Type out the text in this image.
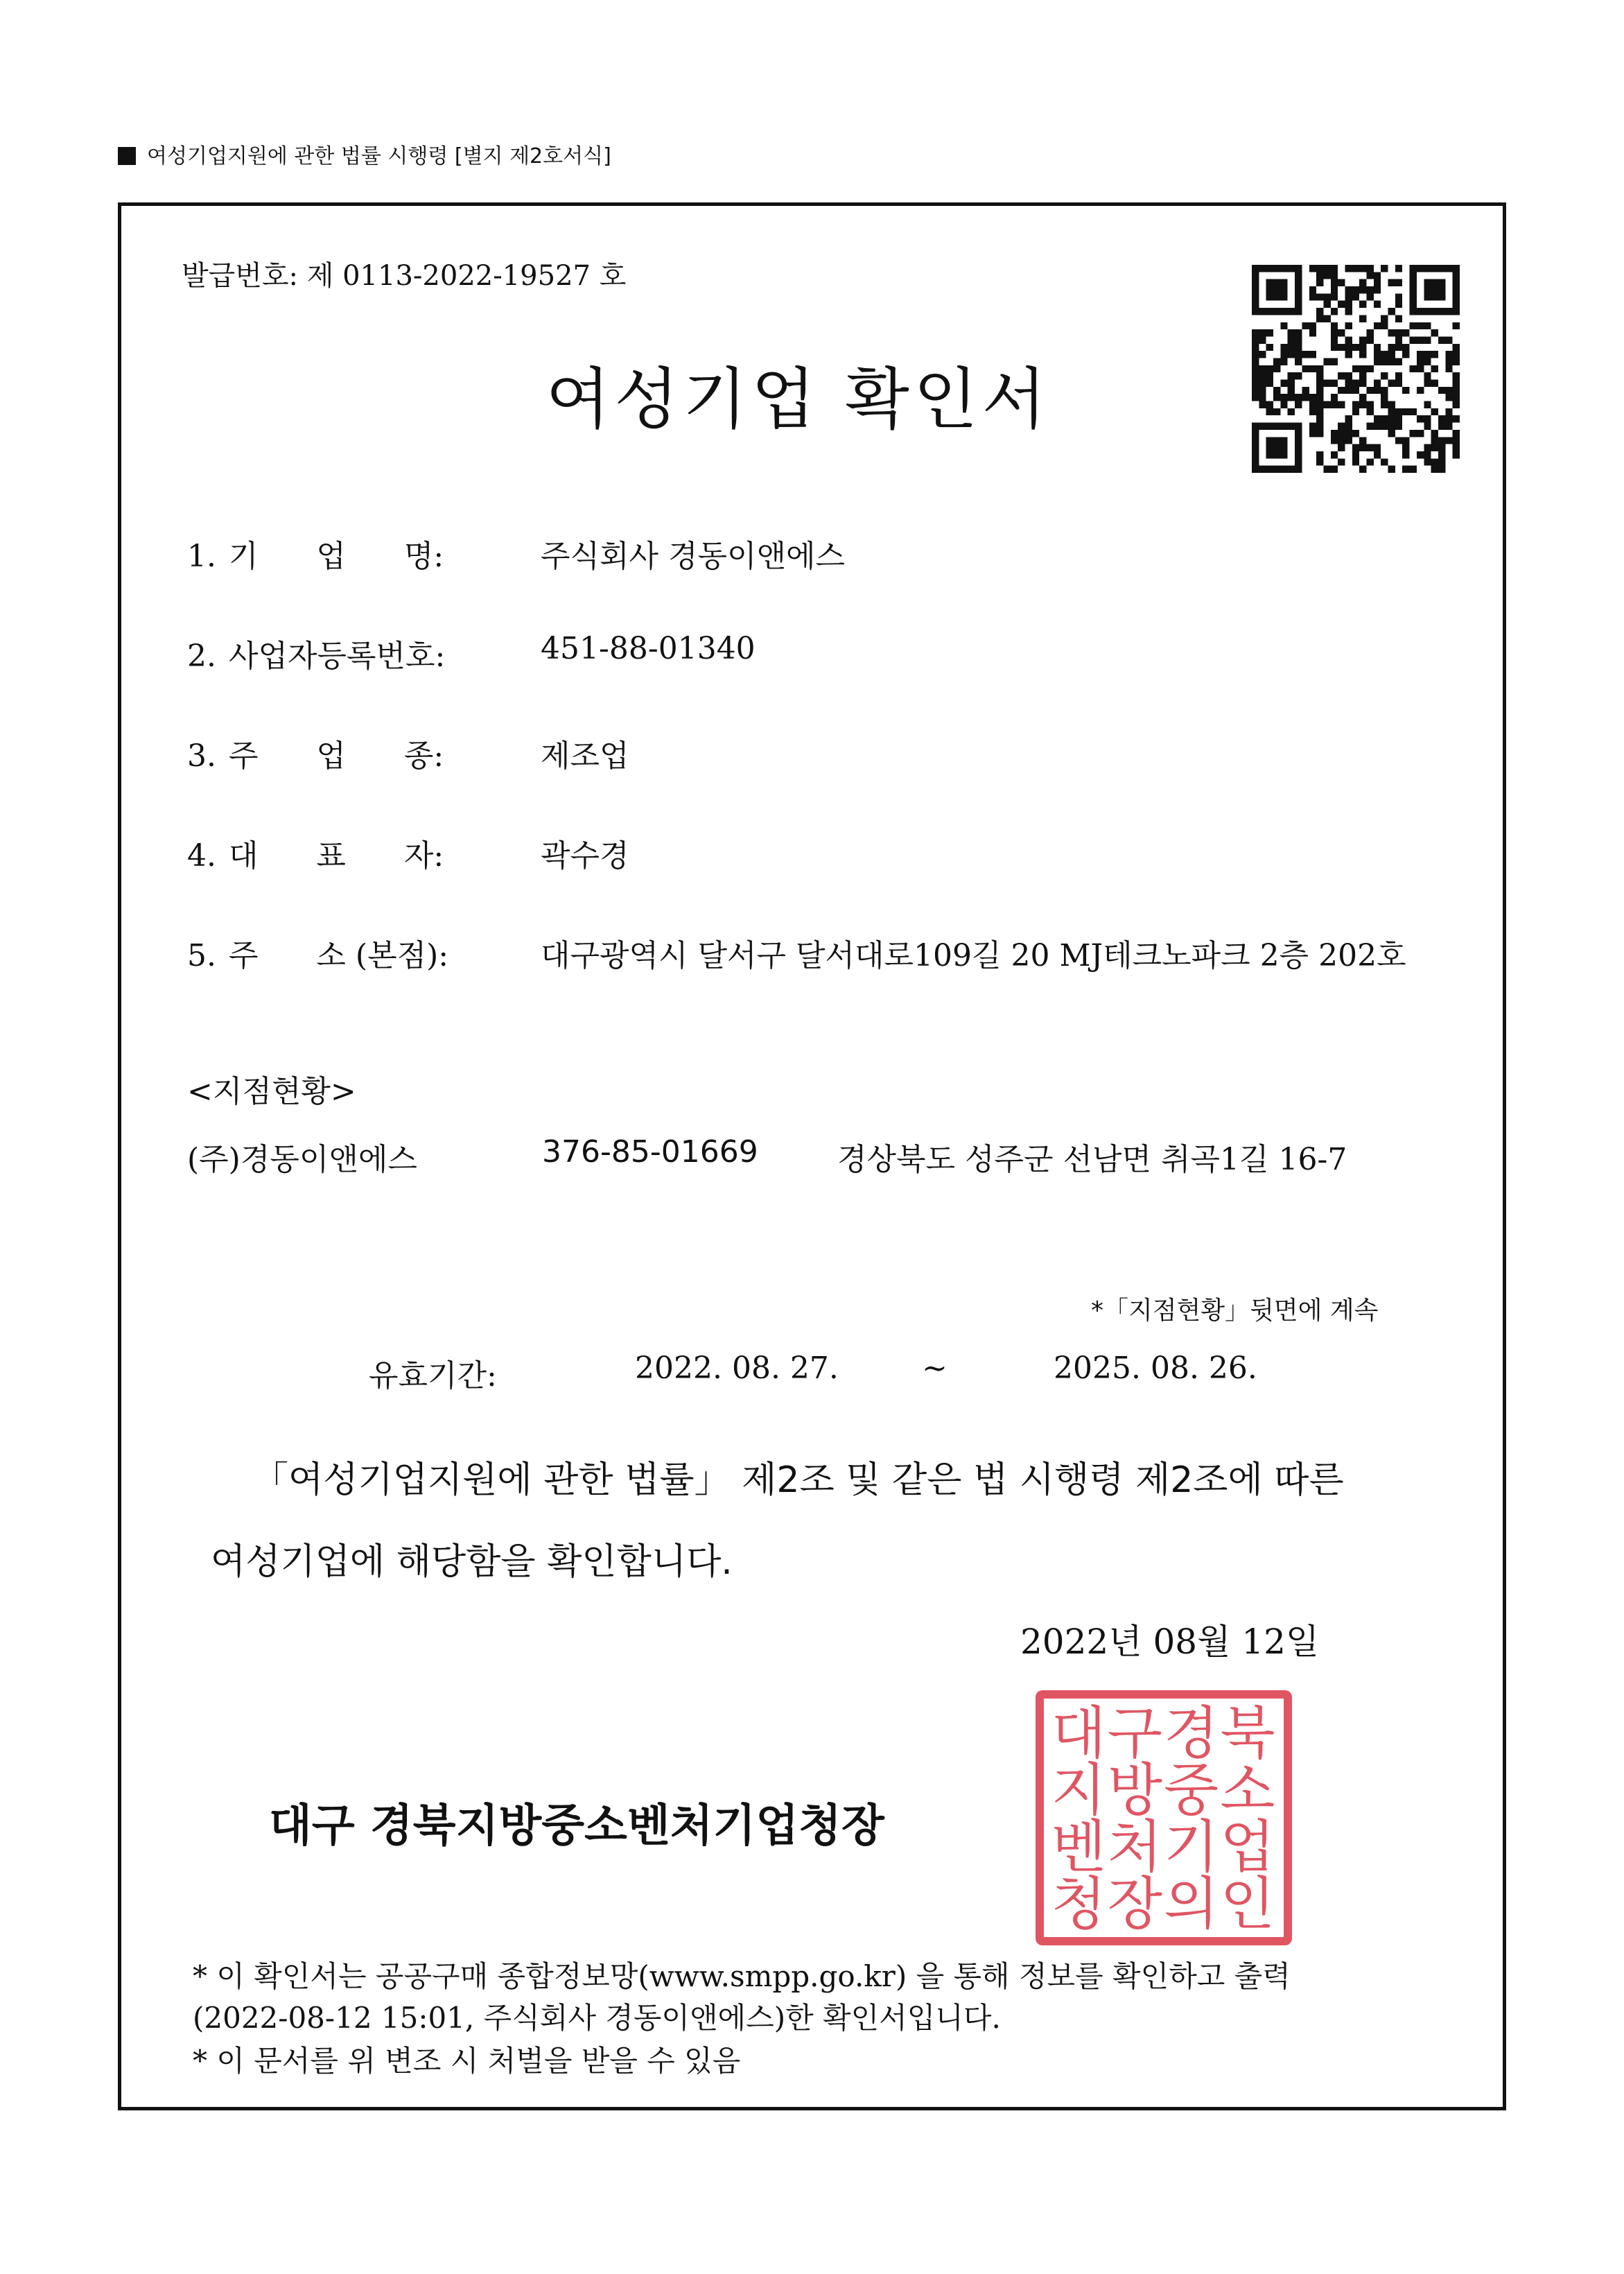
여성기업지원에 관한 법률 시행령 [별지 제2호서식]
발급번호: 제 0113-2022-19527 호
여성기업 확인서
1. 기      업      명:	주식회사 경동이앤에스
2. 사업자등록번호:	451-88-01340
3. 주      업      종:	제조업
4. 대      표      자:	곽수경
5. 주      소 (본점):	대구광역시 달서구 달서대로109길 20 MJ테크노파크 2층 202호
<지점현황>
(주)경동이앤에스	376-85-01669	경상북도 성주군 선남면 취곡1길 16-7
*「지점현황」뒷면에 계속
유효기간:	2022. 08. 27.	~	2025. 08. 26.
「여성기업지원에 관한 법률」 제2조 및 같은 법 시행령 제2조에 따른
여성기업에 해당함을 확인합니다.
2022년 08월 12일
대구 경북지방중소벤처기업청장
대구경북
지방중소
벤처기업
청장의인
* 이 확인서는 공공구매 종합정보망(www.smpp.go.kr) 을 통해 정보를 확인하고 출력
(2022-08-12 15:01, 주식회사 경동이앤에스)한 확인서입니다.
* 이 문서를 위 변조 시 처벌을 받을 수 있음
